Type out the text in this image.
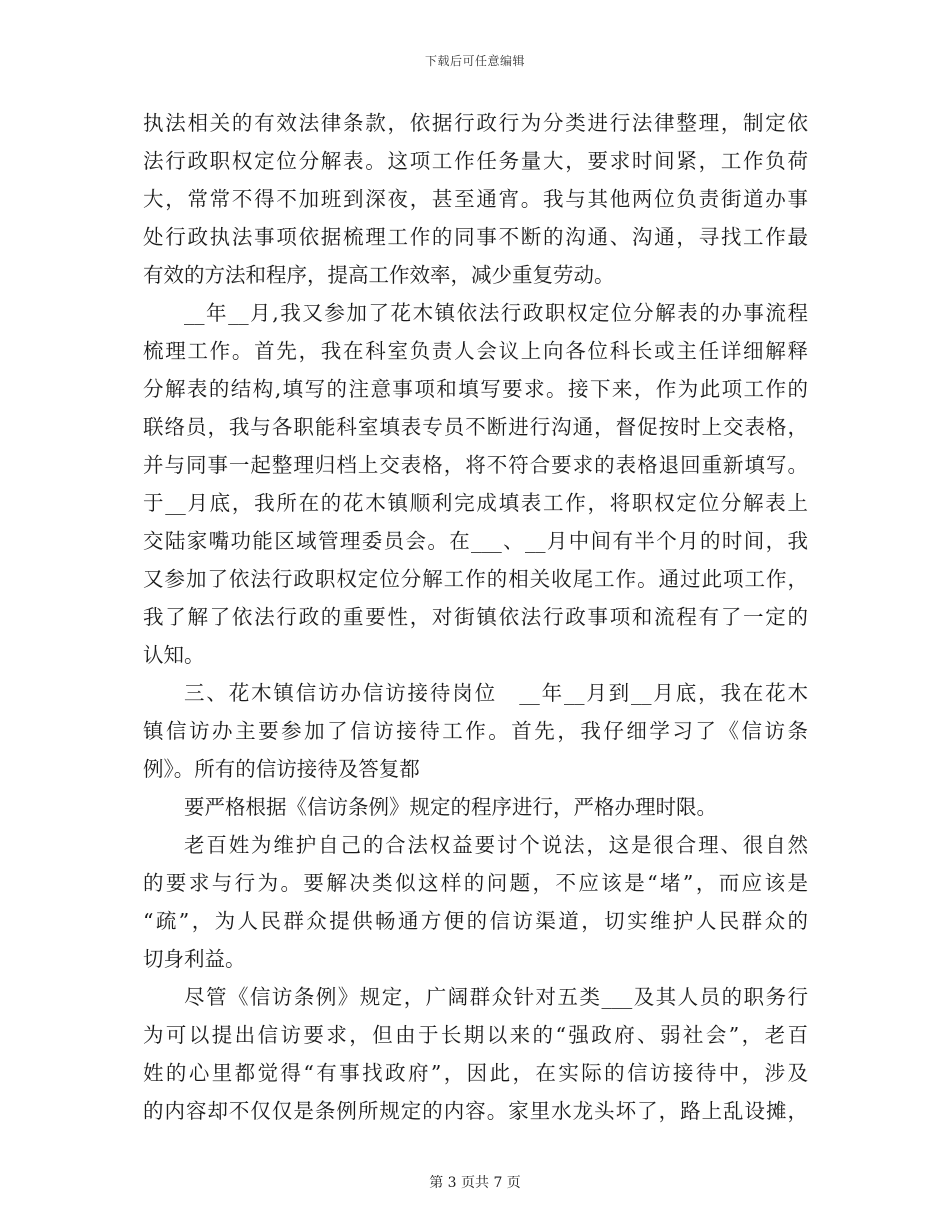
下载后可任意编辑
执法相关的有效法律条款，依据行政行为分类进行法律整理，制定依
法行政职权定位分解表。这项工作任务量大，要求时间紧，工作负荷
大，常常不得不加班到深夜，甚至通宵。我与其他两位负责街道办事
处行政执法事项依据梳理工作的同事不断的沟通、沟通，寻找工作最
有效的方法和程序，提高工作效率，减少重复劳动。
__年__月,我又参加了花木镇依法行政职权定位分解表的办事流程
梳理工作。首先，我在科室负责人会议上向各位科长或主任详细解释
分解表的结构,填写的注意事项和填写要求。接下来，作为此项工作的
联络员，我与各职能科室填表专员不断进行沟通，督促按时上交表格，
并与同事一起整理归档上交表格，将不符合要求的表格退回重新填写。
于__月底，我所在的花木镇顺利完成填表工作，将职权定位分解表上
交陆家嘴功能区域管理委员会。在___、__月中间有半个月的时间，我
又参加了依法行政职权定位分解工作的相关收尾工作。通过此项工作，
我了解了依法行政的重要性，对街镇依法行政事项和流程有了一定的
认知。
三、花木镇信访办信访接待岗位　__年__月到__月底，我在花木
镇信访办主要参加了信访接待工作。首先，我仔细学习了《信访条
例》。所有的信访接待及答复都
要严格根据《信访条例》规定的程序进行，严格办理时限。
老百姓为维护自己的合法权益要讨个说法，这是很合理、很自然
的要求与行为。要解决类似这样的问题，不应该是“堵”，而应该是
“疏”，为人民群众提供畅通方便的信访渠道，切实维护人民群众的
切身利益。
尽管《信访条例》规定，广阔群众针对五类___及其人员的职务行
为可以提出信访要求，但由于长期以来的“强政府、弱社会”，老百
姓的心里都觉得“有事找政府”，因此，在实际的信访接待中，涉及
的内容却不仅仅是条例所规定的内容。家里水龙头坏了，路上乱设摊，
第 3 页共 7 页
